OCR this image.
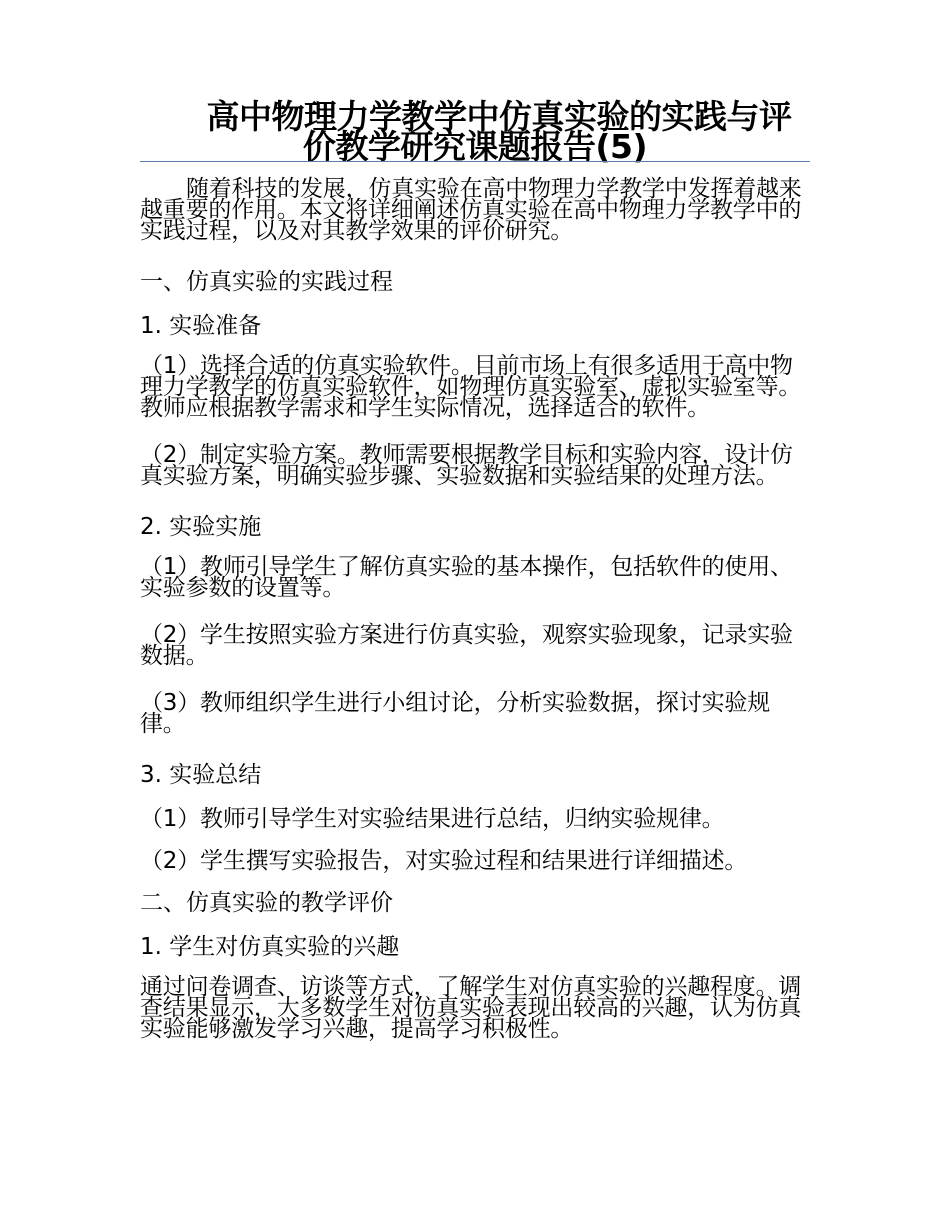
高中物理力学教学中仿真实验的实践与评
价教学研究课题报告(5)

随着科技的发展，仿真实验在高中物理力学教学中发挥着越来越重要的作用。本文将详细阐述仿真实验在高中物理力学教学中的实践过程，以及对其教学效果的评价研究。

一、仿真实验的实践过程
1. 实验准备

（1）选择合适的仿真实验软件。目前市场上有很多适用于高中物理力学教学的仿真实验软件，如物理仿真实验室、虚拟实验室等。教师应根据教学需求和学生实际情况，选择适合的软件。

（2）制定实验方案。教师需要根据教学目标和实验内容，设计仿真实验方案，明确实验步骤、实验数据和实验结果的处理方法。

2. 实验实施

（1）教师引导学生了解仿真实验的基本操作，包括软件的使用、实验参数的设置等。

（2）学生按照实验方案进行仿真实验，观察实验现象，记录实验数据。

（3）教师组织学生进行小组讨论，分析实验数据，探讨实验规律。

3. 实验总结

（1）教师引导学生对实验结果进行总结，归纳实验规律。

（2）学生撰写实验报告，对实验过程和结果进行详细描述。

二、仿真实验的教学评价
1. 学生对仿真实验的兴趣

通过问卷调查、访谈等方式，了解学生对仿真实验的兴趣程度。调查结果显示，大多数学生对仿真实验表现出较高的兴趣，认为仿真实验能够激发学习兴趣，提高学习积极性。
